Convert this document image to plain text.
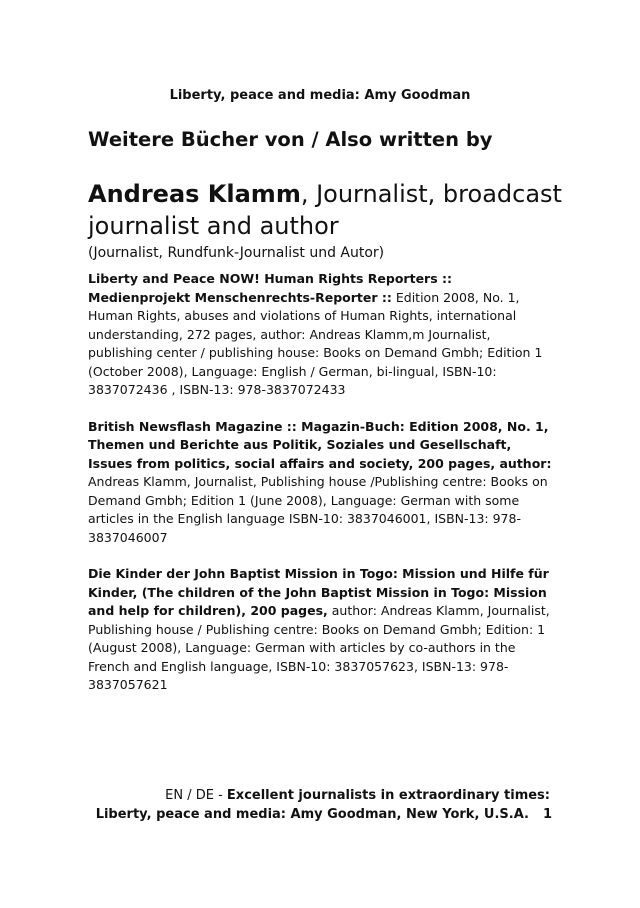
Liberty, peace and media: Amy Goodman
Weitere Bücher von / Also written by
Andreas Klamm, Journalist, broadcast
journalist and author
(Journalist, Rundfunk-Journalist und Autor)

Liberty and Peace NOW! Human Rights Reporters :: Medienprojekt Menschenrechts-Reporter :: Edition 2008, No. 1, Human Rights, abuses and violations of Human Rights, international understanding, 272 pages, author: Andreas Klamm,m Journalist, publishing center / publishing house: Books on Demand Gmbh; Edition 1 (October 2008), Language: English / German, bi-lingual, ISBN-10: 3837072436 , ISBN-13: 978-3837072433

British Newsflash Magazine :: Magazin-Buch: Edition 2008, No. 1, Themen und Berichte aus Politik, Soziales und Gesellschaft, Issues from politics, social affairs and society, 200 pages, author: Andreas Klamm, Journalist, Publishing house /Publishing centre: Books on Demand Gmbh; Edition 1 (June 2008), Language: German with some articles in the English language ISBN-10: 3837046001, ISBN-13: 978-3837046007

Die Kinder der John Baptist Mission in Togo: Mission und Hilfe für Kinder, (The children of the John Baptist Mission in Togo: Mission and help for children), 200 pages, author: Andreas Klamm, Journalist, Publishing house / Publishing centre: Books on Demand Gmbh; Edition: 1 (August 2008), Language: German with articles by co-authors in the French and English language, ISBN-10: 3837057623, ISBN-13: 978-3837057621

EN / DE - Excellent journalists in extraordinary times:
Liberty, peace and media: Amy Goodman, New York, U.S.A. 1
